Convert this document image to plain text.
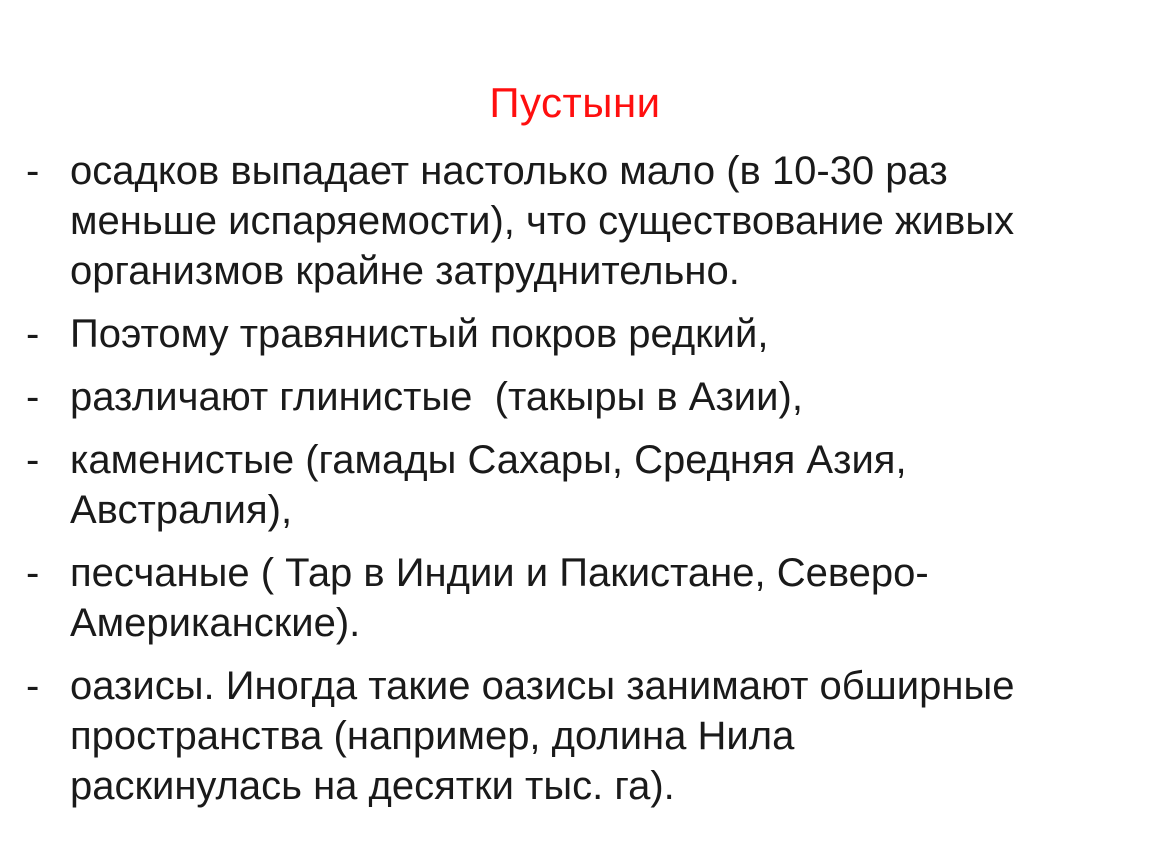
Пустыни
- осадков выпадает настолько мало (в 10-30 раз
меньше испаряемости), что существование живых
организмов крайне затруднительно.
- Поэтому травянистый покров редкий,
- различают глинистые  (такыры в Азии),
- каменистые (гамады Сахары, Средняя Азия,
Австралия),
- песчаные ( Тар в Индии и Пакистане, Северо-
Американские).
- оазисы. Иногда такие оазисы занимают обширные
пространства (например, долина Нила
раскинулась на десятки тыс. га).
